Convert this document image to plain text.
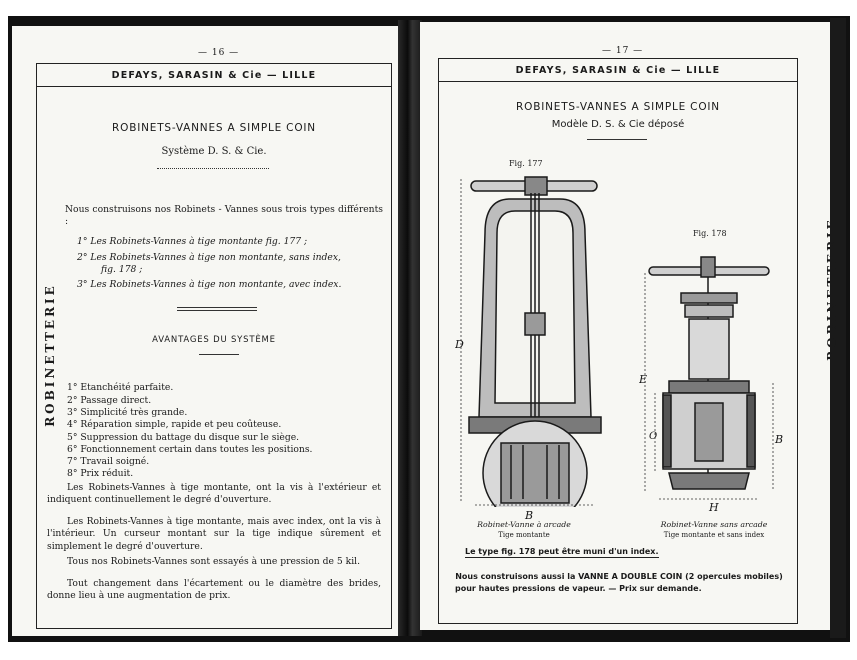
— 16 —
DEFAYS, SARASIN & Cie — LILLE
ROBINETS-VANNES A SIMPLE COIN
Système D. S. & Cie.
Nous construisons nos Robinets - Vannes sous trois types différents :
1° Les Robinets-Vannes à tige montante fig. 177 ;
2° Les Robinets-Vannes à tige non montante, sans index,
fig. 178 ;
3° Les Robinets-Vannes à tige non montante, avec index.
AVANTAGES DU SYSTÈME
1° Etanchéité parfaite.
2° Passage direct.
3° Simplicité très grande.
4° Réparation simple, rapide et peu coûteuse.
5° Suppression du battage du disque sur le siège.
6° Fonctionnement certain dans toutes les positions.
7° Travail soigné.
8° Prix réduit.
Les Robinets-Vannes à tige montante, ont la vis à l'extérieur et indiquent continuellement le degré d'ouverture.
Les Robinets-Vannes à tige montante, mais avec index, ont la vis à l'intérieur. Un curseur montant sur la tige indique sûrement et simplement le degré d'ouverture.
Tous nos Robinets-Vannes sont essayés à une pression de 5 kil.
Tout changement dans l'écartement ou le diamètre des brides, donne lieu à une augmentation de prix.
ROBINETTERIE
— 17 —
DEFAYS, SARASIN & Cie — LILLE
ROBINETS-VANNES A SIMPLE COIN
Modèle D. S. & Cie déposé
Fig. 177
Fig. 178
D
B
E
O	B
H
Robinet-Vanne à arcade
Tige montante
Robinet-Vanne sans arcade
Tige montante et sans index
Le type fig. 178 peut être muni d'un index.
Nous construisons aussi la VANNE A DOUBLE COIN (2 opercules mobiles)
pour hautes pressions de vapeur. — Prix sur demande.
ROBINETTERIE
